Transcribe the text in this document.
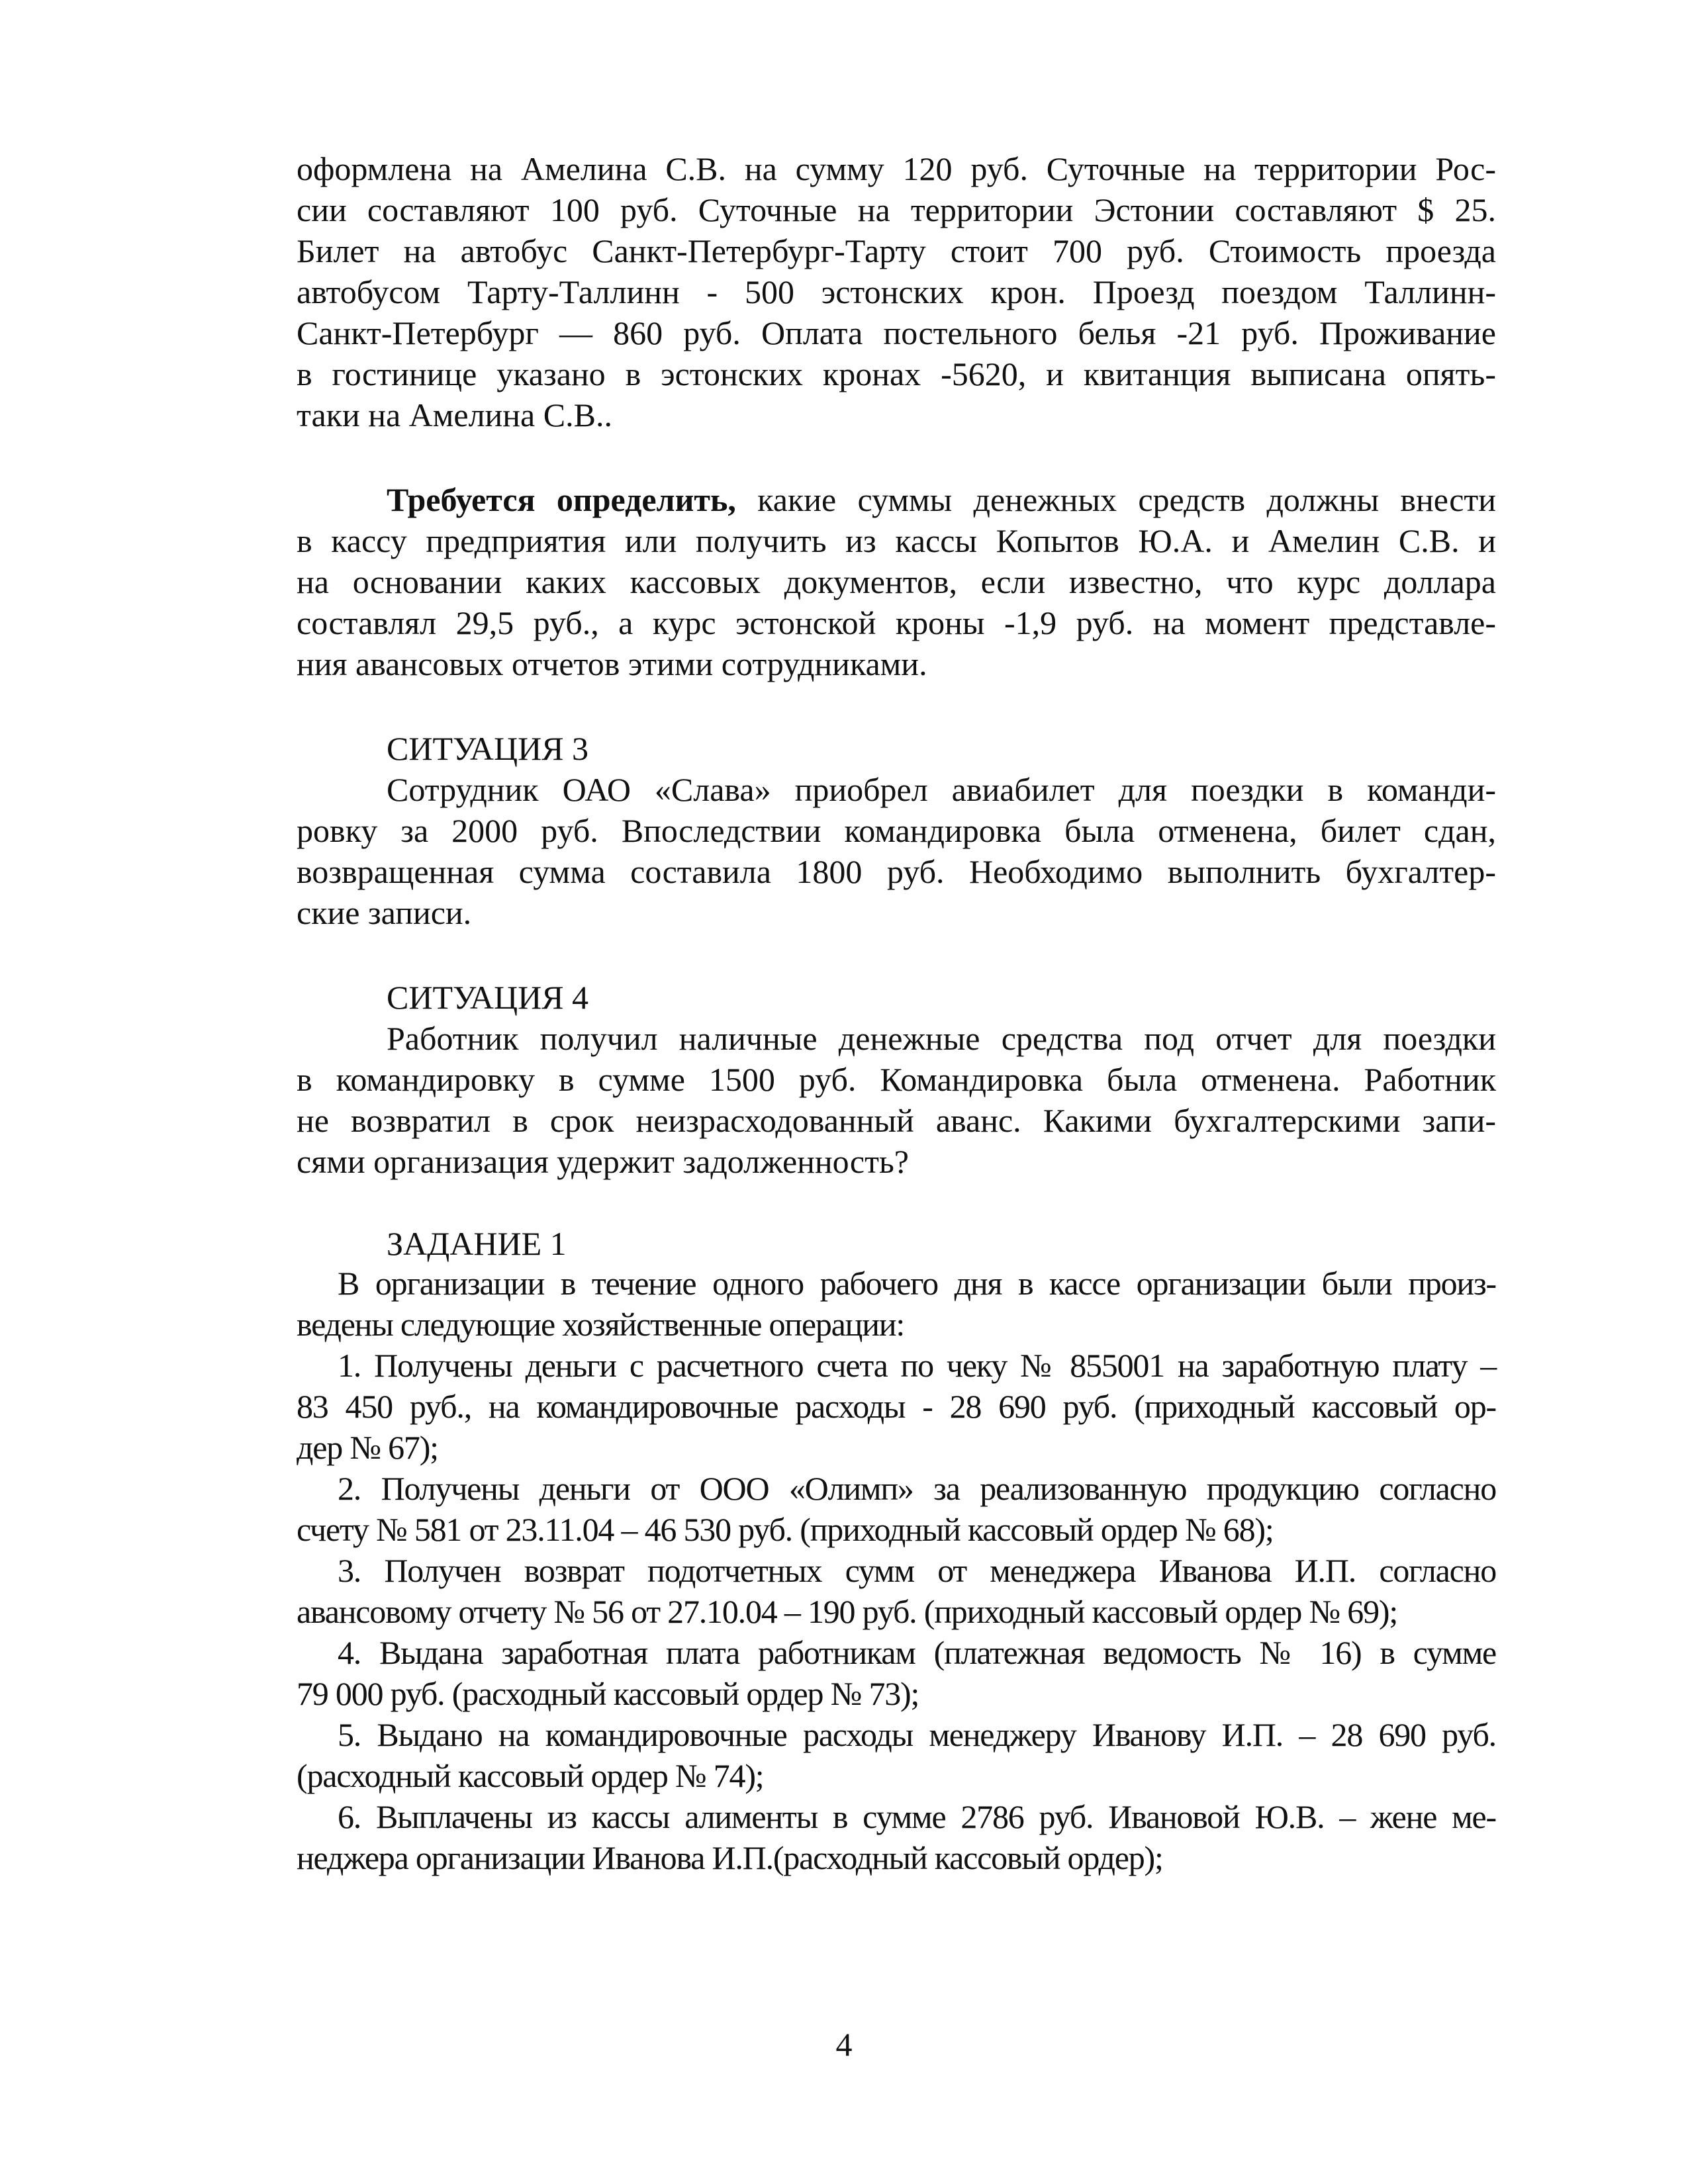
оформлена на Амелина С.В. на сумму 120 руб. Суточные на территории Рос-
сии составляют 100 руб. Суточные на территории Эстонии составляют $ 25.
Билет на автобус Санкт-Петербург-Тарту стоит 700 руб. Стоимость проезда
автобусом Тарту-Таллинн - 500 эстонских крон. Проезд поездом Таллинн-
Санкт-Петербург — 860 руб. Оплата постельного белья -21 руб. Проживание
в гостинице указано в эстонских кронах -5620, и квитанция выписана опять-
таки на Амелина С.В..
Требуется определить, какие суммы денежных средств должны внести
в кассу предприятия или получить из кассы Копытов Ю.А. и Амелин С.В. и
на основании каких кассовых документов, если известно, что курс доллара
составлял 29,5 руб., а курс эстонской кроны -1,9 руб. на момент представле-
ния авансовых отчетов этими сотрудниками.
СИТУАЦИЯ 3
Сотрудник ОАО «Слава» приобрел авиабилет для поездки в команди-
ровку за 2000 руб. Впоследствии командировка была отменена, билет сдан,
возвращенная сумма составила 1800 руб. Необходимо выполнить бухгалтер-
ские записи.
СИТУАЦИЯ 4
Работник получил наличные денежные средства под отчет для поездки
в командировку в сумме 1500 руб. Командировка была отменена. Работник
не возвратил в срок неизрасходованный аванс. Какими бухгалтерскими запи-
сями организация удержит задолженность?
ЗАДАНИЕ 1
В организации в течение одного рабочего дня в кассе организации были произ-
ведены следующие хозяйственные операции:
1. Получены деньги с расчетного счета по чеку № 855001 на заработную плату –
83 450 руб., на командировочные расходы - 28 690 руб. (приходный кассовый ор-
дер № 67);
2. Получены деньги от ООО «Олимп» за реализованную продукцию согласно
счету № 581 от 23.11.04 – 46 530 руб. (приходный кассовый ордер № 68);
3. Получен возврат подотчетных сумм от менеджера Иванова И.П. согласно
авансовому отчету № 56 от 27.10.04 – 190 руб. (приходный кассовый ордер № 69);
4. Выдана заработная плата работникам (платежная ведомость № 16) в сумме
79 000 руб. (расходный кассовый ордер № 73);
5. Выдано на командировочные расходы менеджеру Иванову И.П. – 28 690 руб.
(расходный кассовый ордер № 74);
6. Выплачены из кассы алименты в сумме 2786 руб. Ивановой Ю.В. – жене ме-
неджера организации Иванова И.П.(расходный кассовый ордер);
4
